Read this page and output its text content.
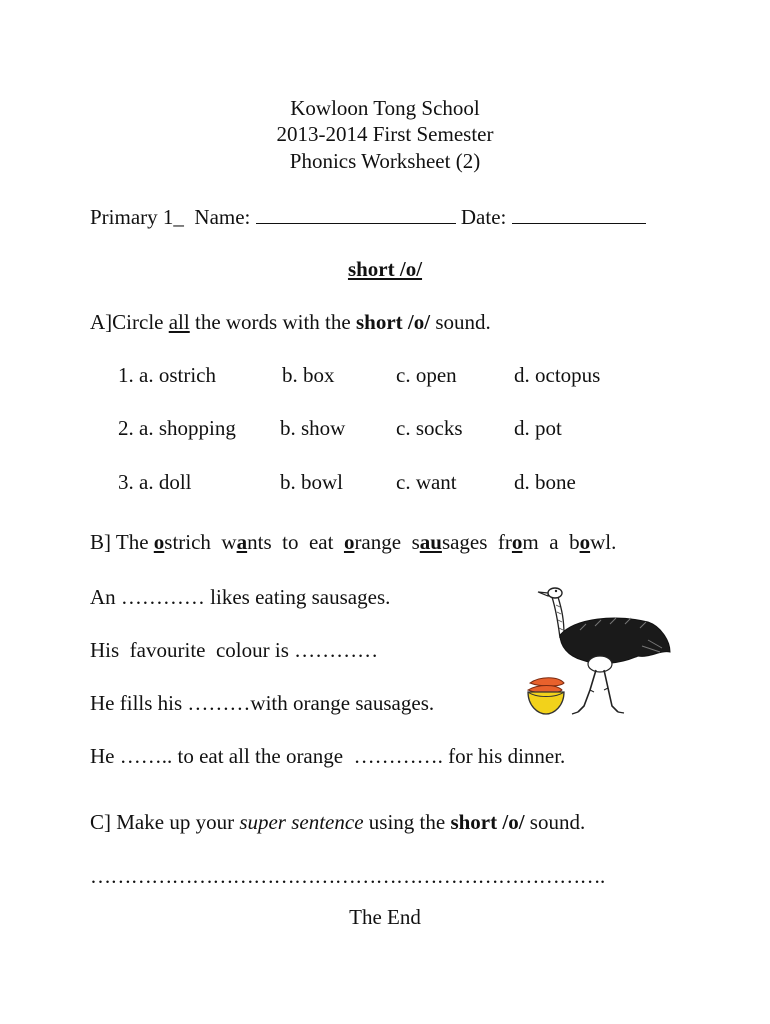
Kowloon Tong School
2013-2014 First Semester
Phonics Worksheet (2)
Primary 1_ Name:	Date:
short /o/
A]Circle all the words with the short /o/ sound.
1. a. ostrich	b. box	c. open	d. octopus
2. a. shopping b. show c. socks d. pot
3. a. doll	b. bowl	c. want	d. bone
B] The ostrich  wants  to  eat  orange  sausages  from  a  bowl.
An ………… likes eating sausages.
His  favourite  colour is …………
He fills his ………with orange sausages.
He …….. to eat all the orange  …………. for his dinner.
C] Make up your super sentence using the short /o/ sound.
………………………………………………………………….
The End
